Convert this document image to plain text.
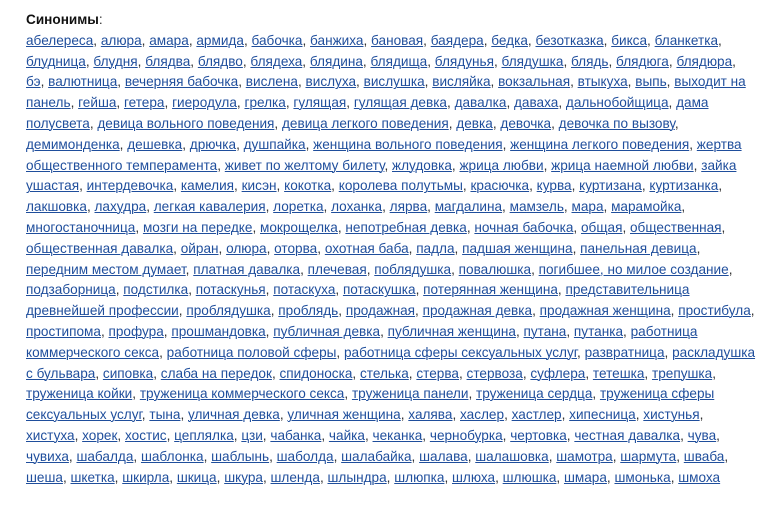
Синонимы:
абелереса, алюра, амара, армида, бабочка, банжиха, бановая, баядера, бедка, безотказка, бикса, бланкетка, блудница, блудня, блядва, блядво, блядеха, блядина, блядища, блядунья, блядушка, блядь, блядюга, блядюра, бэ, валютница, вечерняя бабочка, вислена, вислуха, вислушка, висляйка, вокзальная, втыкуха, выпь, выходит на панель, гейша, гетера, гиеродула, грелка, гулящая, гулящая девка, давалка, даваха, дальнобойщица, дама полусвета, девица вольного поведения, девица легкого поведения, девка, девочка, девочка по вызову, демимонденка, дешевка, дрючка, душпайка, женщина вольного поведения, женщина легкого поведения, жертва общественного темперамента, живет по желтому билету, жлудовка, жрица любви, жрица наемной любви, зайка ушастая, интердевочка, камелия, кисэн, кокотка, королева полутьмы, красючка, курва, куртизана, куртизанка, лакшовка, лахудра, легкая кавалерия, лоретка, лоханка, лярва, магдалина, мамзель, мара, марамойка, многостаночница, мозги на передке, мокрощелка, непотребная девка, ночная бабочка, общая, общественная, общественная давалка, ойран, олюра, оторва, охотная баба, падла, падшая женщина, панельная девица, передним местом думает, платная давалка, плечевая, поблядушка, повалюшка, погибшее, но милое создание, подзаборница, подстилка, потаскунья, потаскуха, потаскушка, потерянная женщина, представительница древнейшей профессии, проблядушка, проблядь, продажная, продажная девка, продажная женщина, простибула, простипома, профура, прошмандовка, публичная девка, публичная женщина, путана, путанка, работница коммерческого секса, работница половой сферы, работница сферы сексуальных услуг, развратница, раскладушка с бульвара, сиповка, слаба на передок, спидоноска, стелька, стерва, стервоза, суфлера, тетешка, трепушка, труженица койки, труженица коммерческого секса, труженица панели, труженица сердца, труженица сферы сексуальных услуг, тына, уличная девка, уличная женщина, халява, хаслер, хастлер, хипесница, хистунья, хистуха, хорек, хостис, цеплялка, цзи, чабанка, чайка, чеканка, чернобурка, чертовка, честная давалка, чува, чувиха, шабалда, шаблонка, шаблынь, шаболда, шалабайка, шалава, шалашовка, шамотра, шармута, шваба, шеша, шкетка, шкирла, шкица, шкура, шленда, шлындра, шлюпка, шлюха, шлюшка, шмара, шмонька, шмоха
